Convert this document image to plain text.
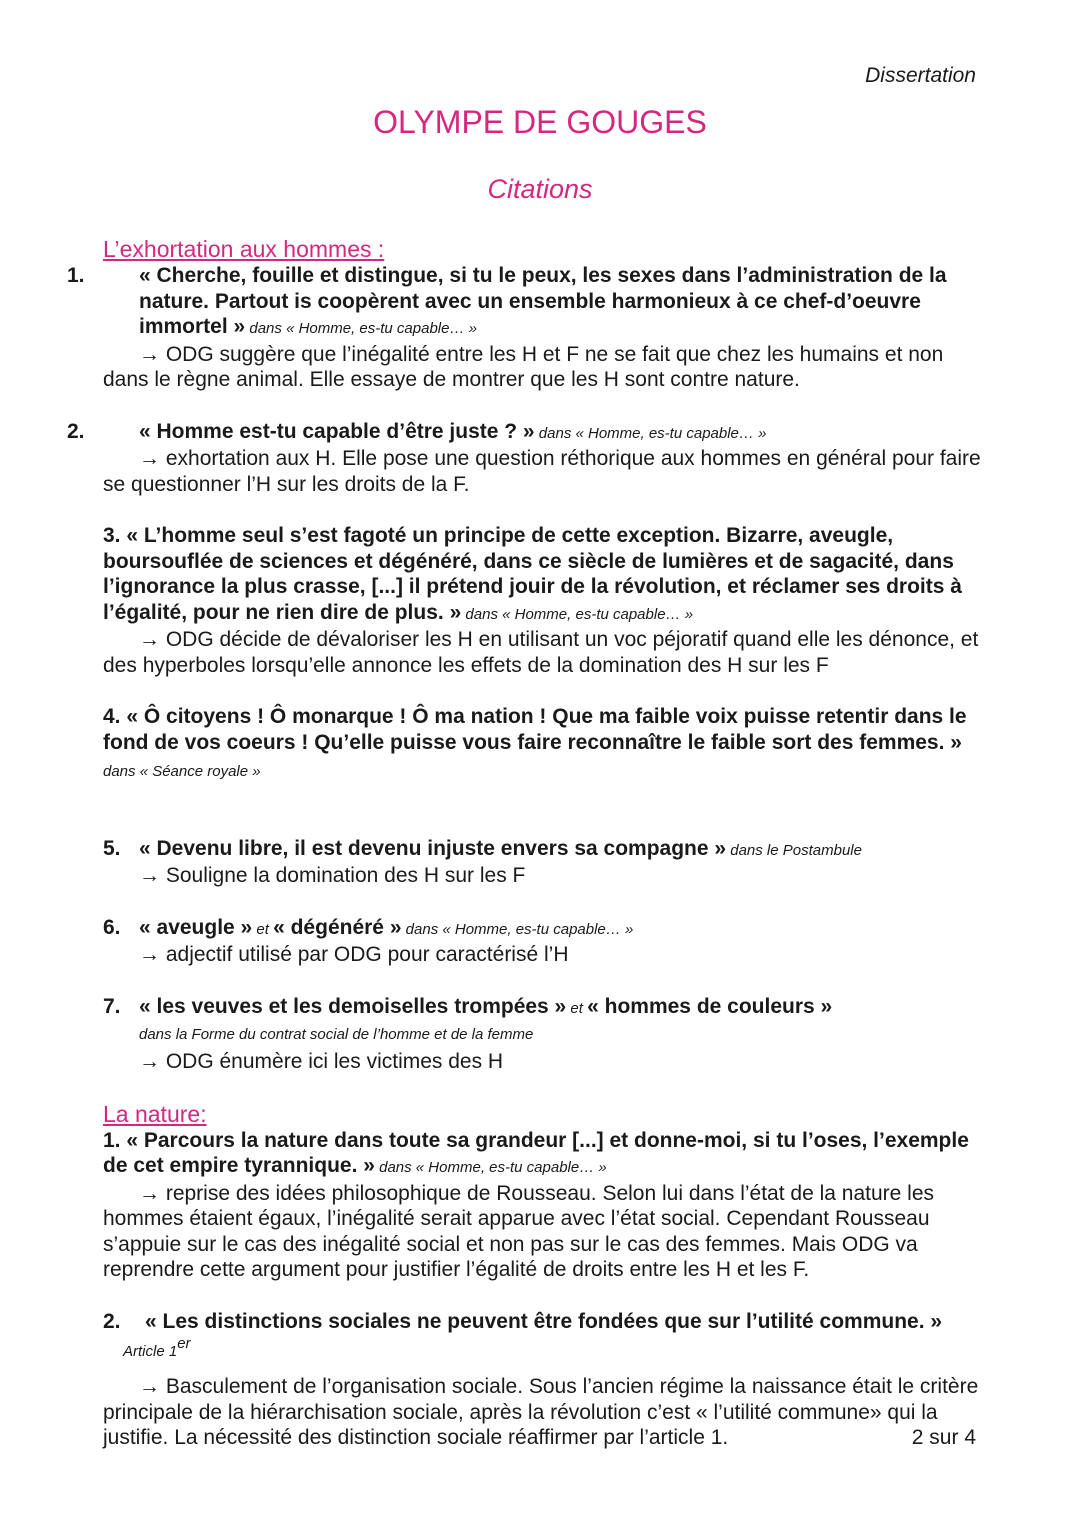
Dissertation
OLYMPE DE GOUGES
Citations
L’exhortation aux hommes :

1.	« Cherche, fouille et distingue, si tu le peux, les sexes dans l’administration de la nature. Partout is coopèrent avec un ensemble harmonieux à ce chef-d’oeuvre immortel » dans « Homme, es-tu capable… »

→ ODG suggère que l’inégalité entre les H et F ne se fait que chez les humains et non dans le règne animal. Elle essaye de montrer que les H sont contre nature.

2.	« Homme est-tu capable d’être juste ? » dans « Homme, es-tu capable… »

→ exhortation aux H. Elle pose une question réthorique aux hommes en général pour faire se questionner l’H sur les droits de la F.

3. « L’homme seul s’est fagoté un principe de cette exception. Bizarre, aveugle, boursouflée de sciences et dégénéré, dans ce siècle de lumières et de sagacité, dans l’ignorance la plus crasse, [...] il prétend jouir de la révolution, et réclamer ses droits à l’égalité, pour ne rien dire de plus. » dans « Homme, es-tu capable… »

→ ODG décide de dévaloriser les H en utilisant un voc péjoratif quand elle les dénonce, et des hyperboles lorsqu’elle annonce les effets de la domination des H sur les F

4. « Ô citoyens ! Ô monarque ! Ô ma nation ! Que ma faible voix puisse retentir dans le fond de vos coeurs ! Qu’elle puisse vous faire reconnaître le faible sort des femmes. » dans « Séance royale »

5. « Devenu libre, il est devenu injuste envers sa compagne » dans le Postambule

→ Souligne la domination des H sur les F

6. « aveugle » et « dégénéré » dans « Homme, es-tu capable… »

→ adjectif utilisé par ODG pour caractérisé l’H

7. « les veuves et les demoiselles trompées » et « hommes de couleurs »

dans la Forme du contrat social de l’homme et de la femme

→ ODG énumère ici les victimes des H

La nature:

1. « Parcours la nature dans toute sa grandeur [...] et donne-moi, si tu l’oses, l’exemple de cet empire tyrannique. » dans « Homme, es-tu capable… »

→ reprise des idées philosophique de Rousseau. Selon lui dans l’état de la nature les hommes étaient égaux, l’inégalité serait apparue avec l’état social. Cependant Rousseau s’appuie sur le cas des inégalité social et non pas sur le cas des femmes. Mais ODG va reprendre cette argument pour justifier l’égalité de droits entre les H et les F.

2. « Les distinctions sociales ne peuvent être fondées que sur l’utilité commune. »

Article 1er

→ Basculement de l’organisation sociale. Sous l’ancien régime la naissance était le critère principale de la hiérarchisation sociale, après la révolution c’est « l’utilité commune» qui la justifie. La nécessité des distinction sociale réaffirmer par l’article 1.	2 sur 4
